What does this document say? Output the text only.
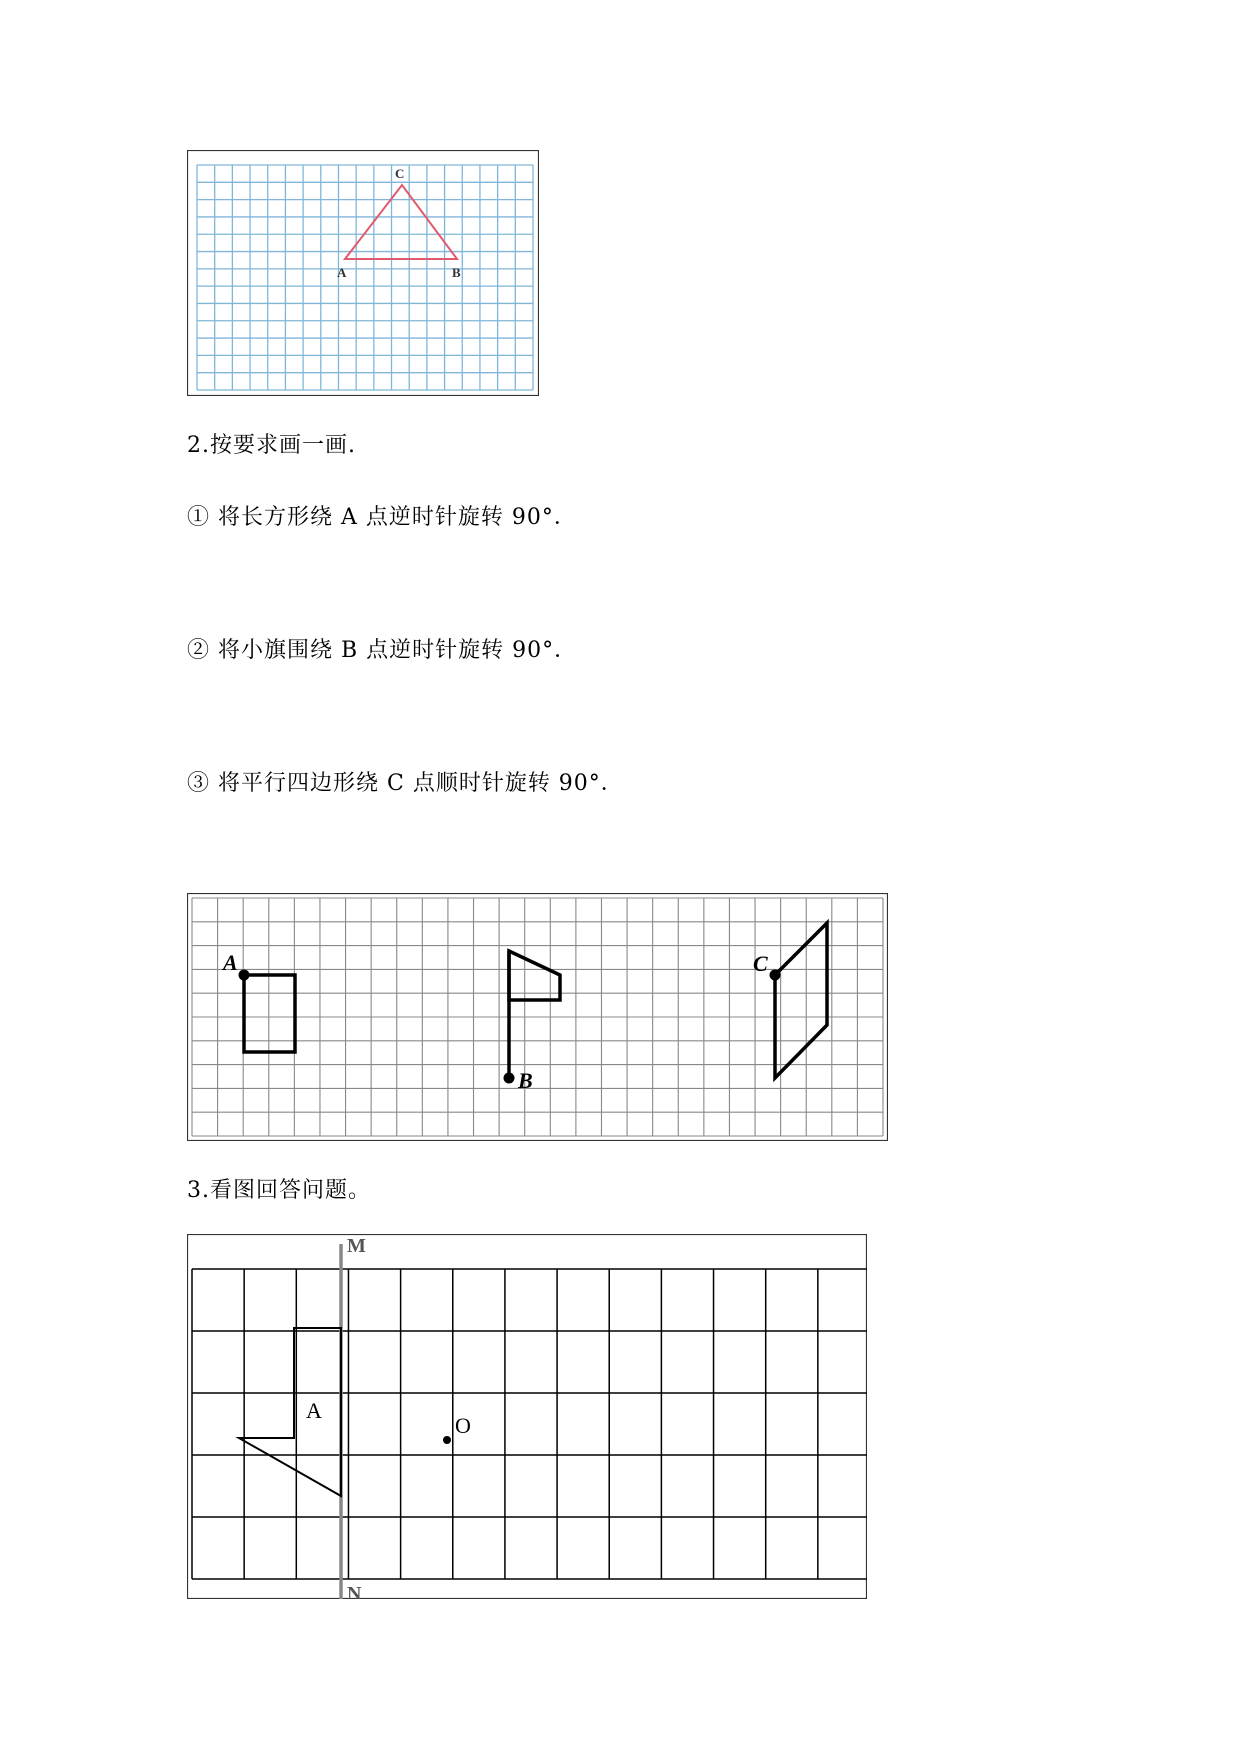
C
A	B
2.按要求画一画.
① 将长方形绕 A 点逆时针旋转 90°．
② 将小旗围绕 B 点逆时针旋转 90°．
③ 将平行四边形绕 C 点顺时针旋转 90°．
A
B
C
3.看图回答问题。
M
N
A
O
